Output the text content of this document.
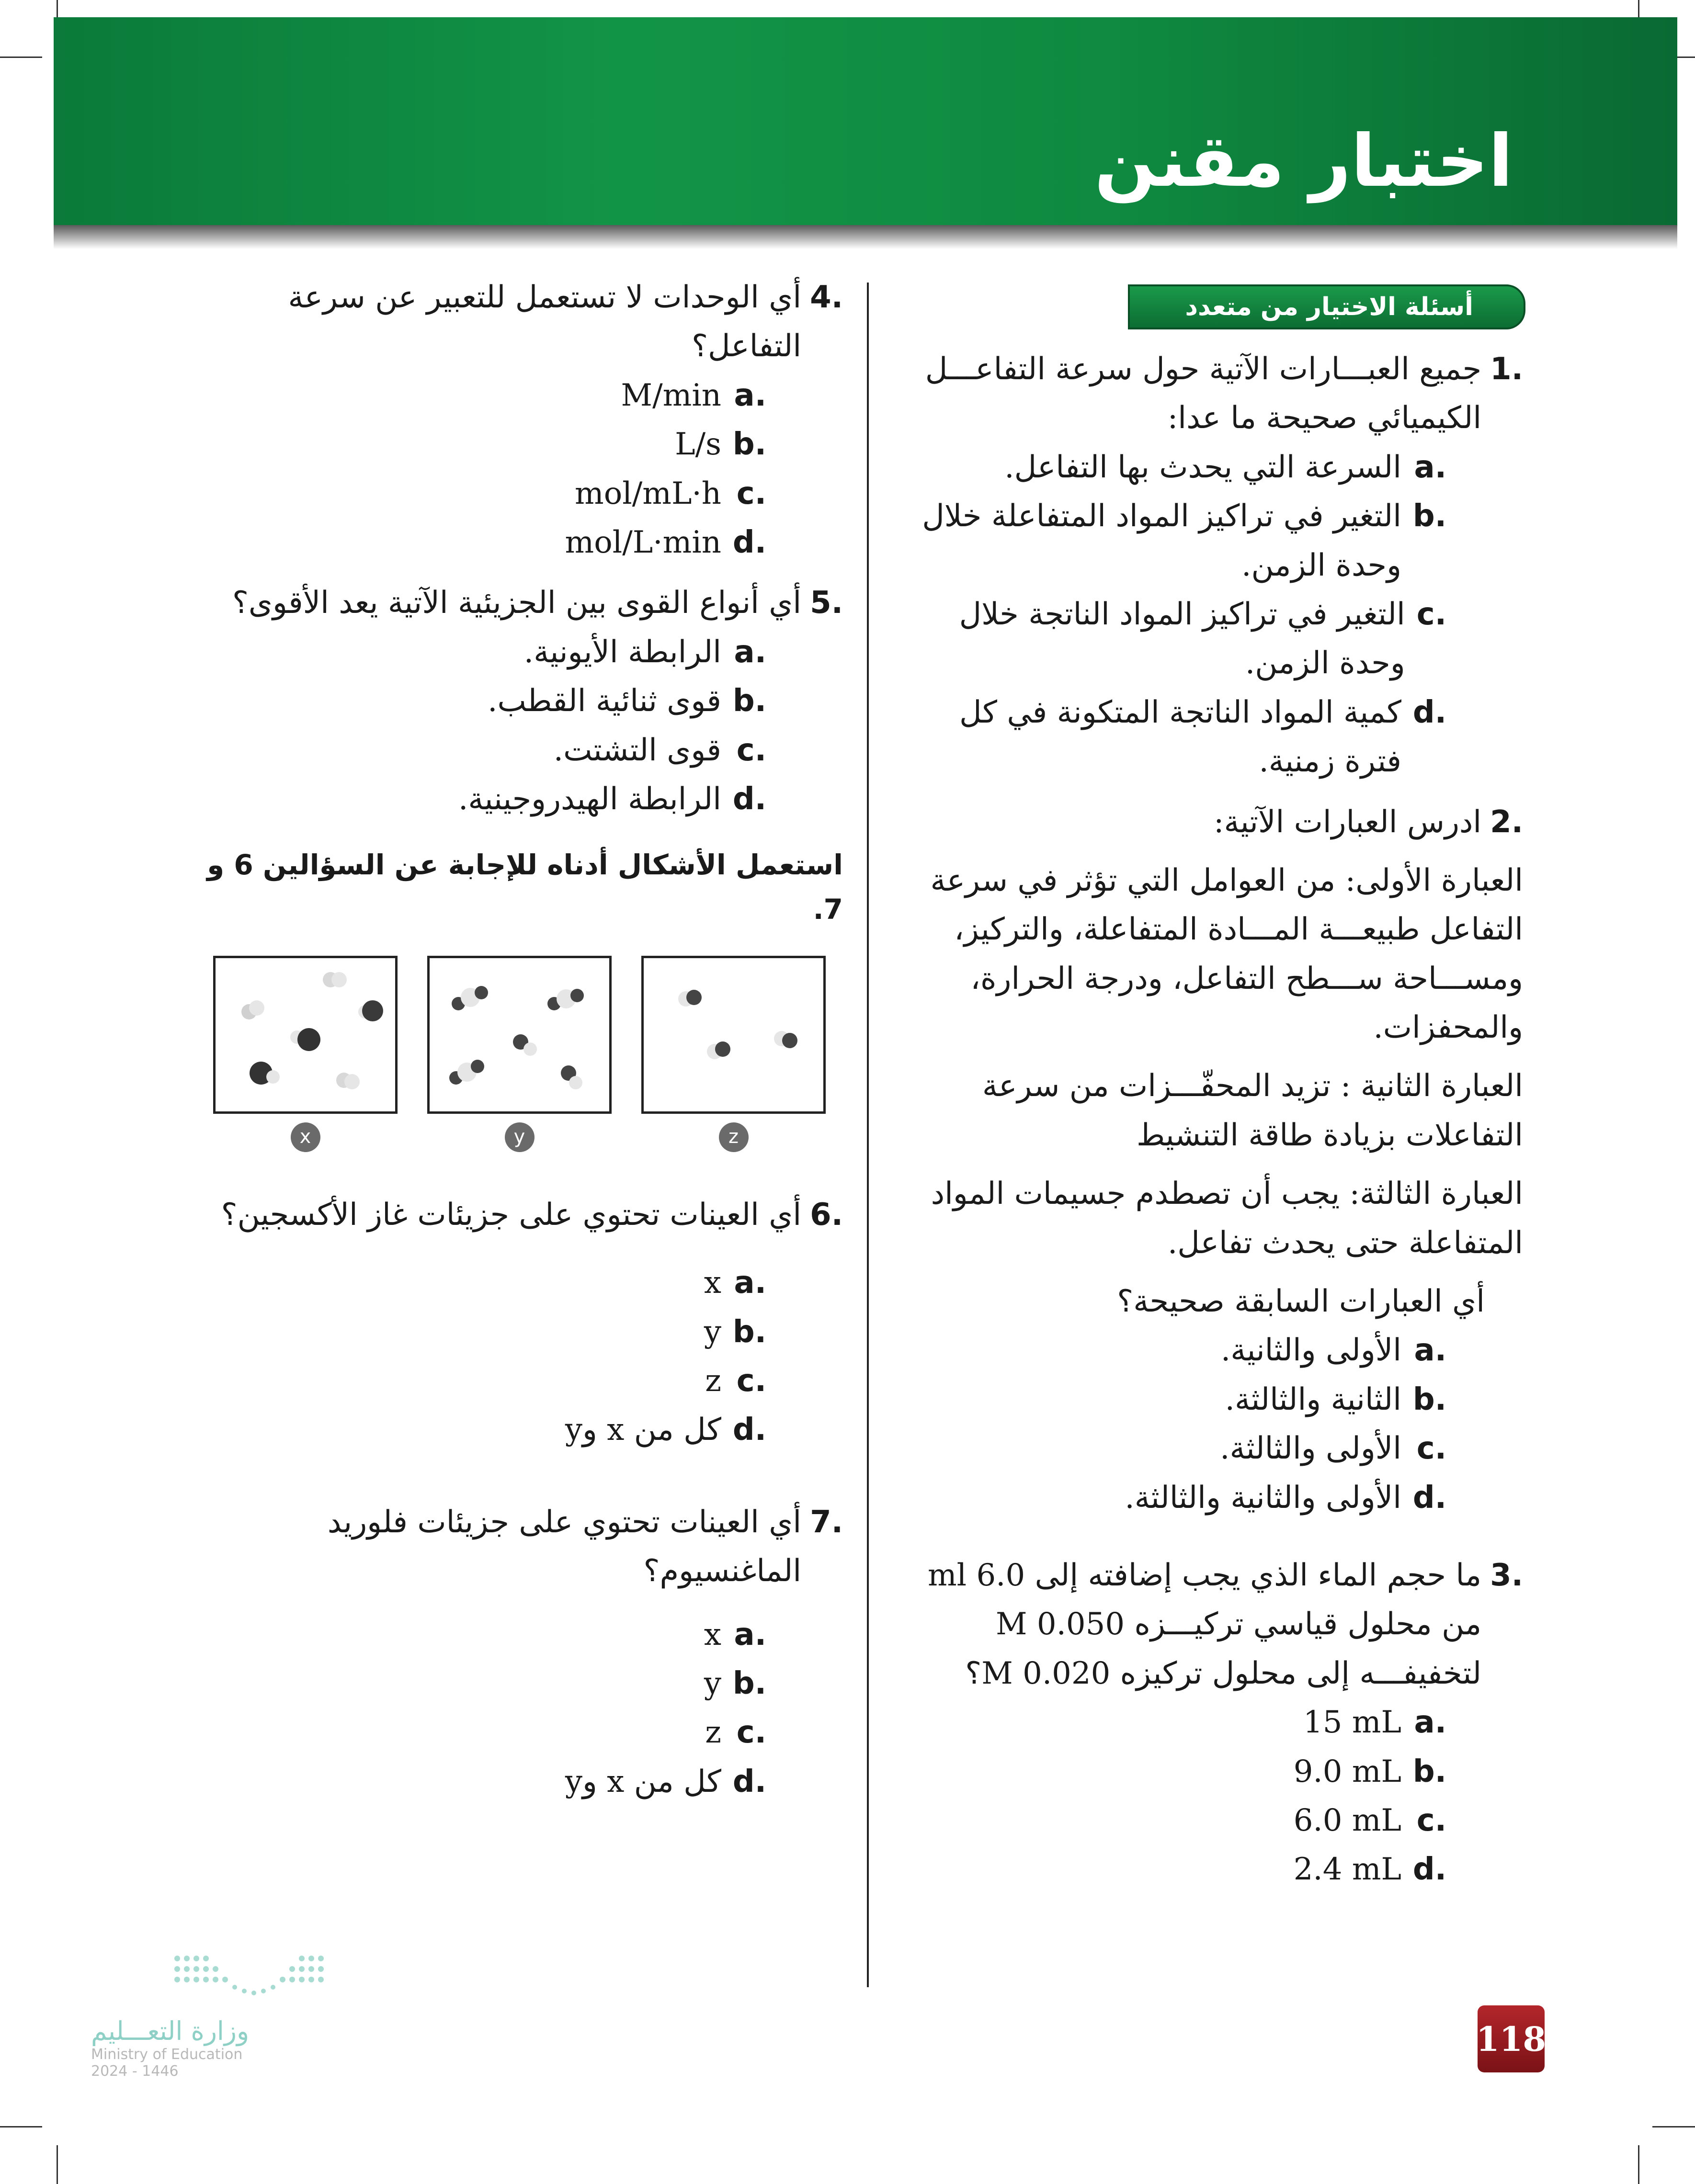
اختبار مقنن
أسئلة الاختيار من متعدد
.1
جميع العبـــارات الآتية حول سرعة التفاعـــل الكيميائي صحيحة ما عدا:
.a
السرعة التي يحدث بها التفاعل.
.b
التغير في تراكيز المواد المتفاعلة خلال وحدة الزمن.
.c
التغير في تراكيز المواد الناتجة خلال وحدة الزمن.
.d
كمية المواد الناتجة المتكونة في كل فترة زمنية.
.2
ادرس العبارات الآتية:
العبارة الأولى: من العوامل التي تؤثر في سرعة التفاعل طبيعـــة المـــادة المتفاعلة، والتركيز، ومســـاحة ســـطح التفاعل، ودرجة الحرارة، والمحفزات.
العبارة الثانية : تزيد المحفّـــزات من سرعة التفاعلات بزيادة طاقة التنشيط
العبارة الثالثة: يجب أن تصطدم جسيمات المواد المتفاعلة حتى يحدث تفاعل.
أي العبارات السابقة صحيحة؟
.a
الأولى والثانية.
.b
الثانية والثالثة.
.c
الأولى والثالثة.
.d
الأولى والثانية والثالثة.
.3
ما حجم الماء الذي يجب إضافته إلى 6.0 ml من محلول قياسي تركيـــزه 0.050 M لتخفيفـــه إلى محلول تركيزه 0.020 M؟
.a
15 mL
.b
9.0 mL
.c
6.0 mL
.d
2.4 mL
.4
أي الوحدات لا تستعمل للتعبير عن سرعة التفاعل؟
.a
M/min
.b
L/s
.c
mol/mL·h
.d
mol/L·min
.5
أي أنواع القوى بين الجزيئية الآتية يعد الأقوى؟
.a
الرابطة الأيونية.
.b
قوى ثنائية القطب.
.c
قوى التشتت.
.d
الرابطة الهيدروجينية.
استعمل الأشكال أدناه للإجابة عن السؤالين 6 و 7.
x	y	z
.6
أي العينات تحتوي على جزيئات غاز الأكسجين؟
.a
x
.b
y
.c
z
.d
كل من x وy
.7
أي العينات تحتوي على جزيئات فلوريد الماغنسيوم؟
.a
x
.b
y
.c
z
.d
كل من x وy
وزارة التعـــليم
Ministry of Education
2024 - 1446
118
